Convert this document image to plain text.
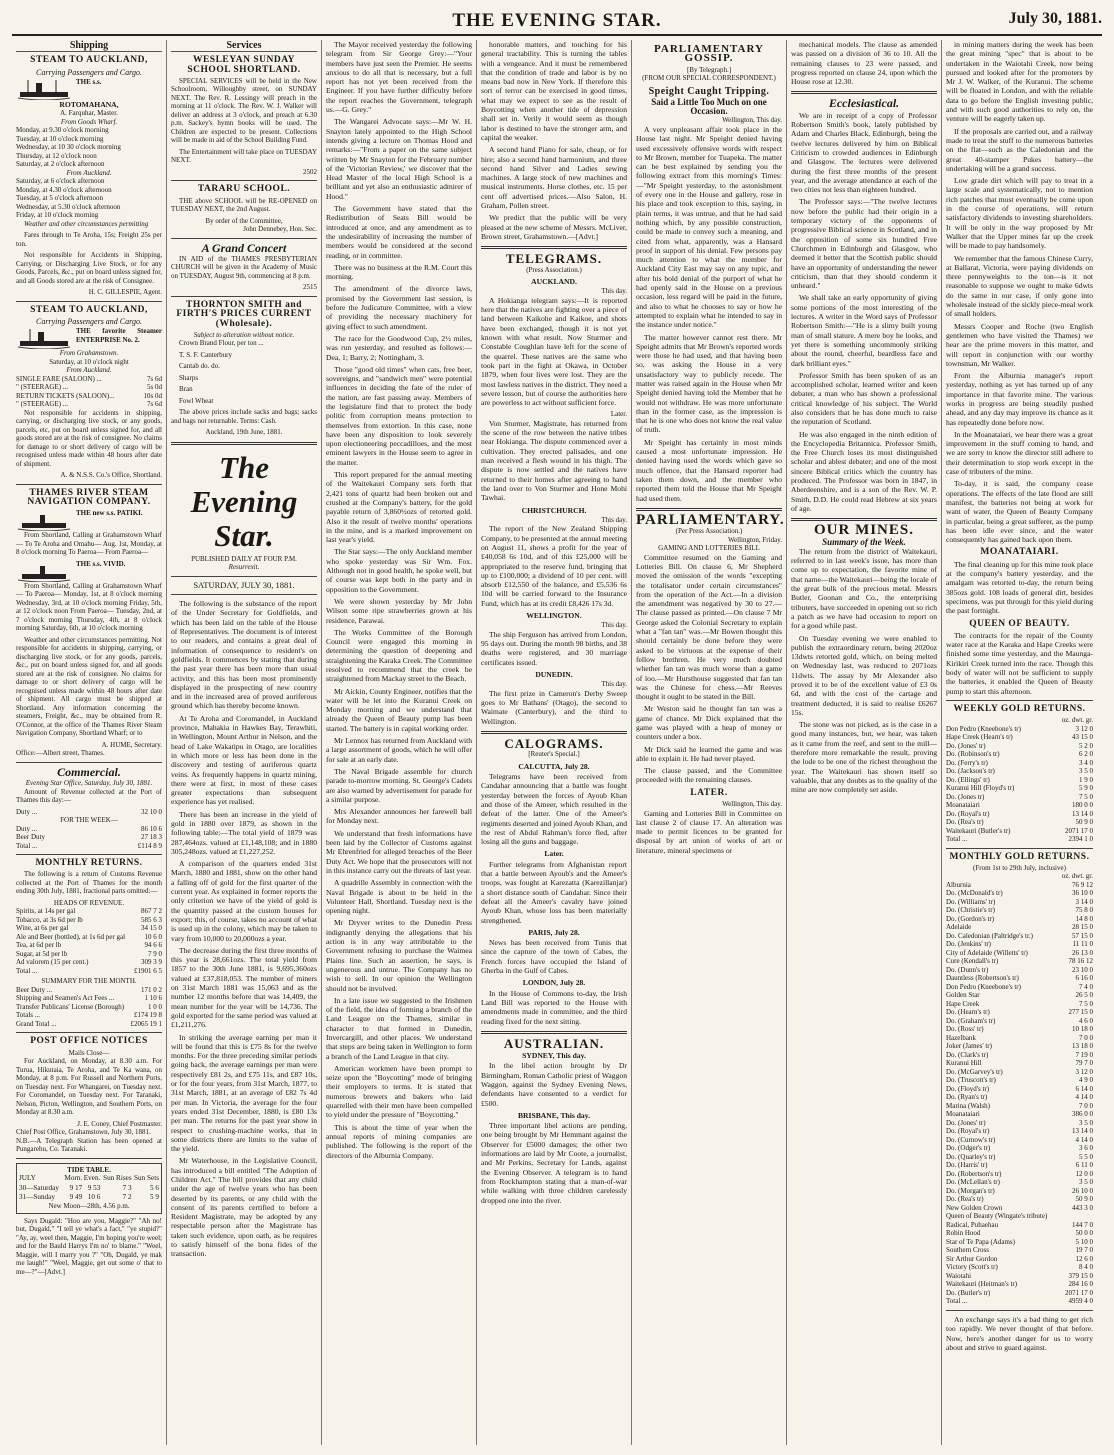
THE EVENING STAR.	July 30, 1881.
Shipping
STEAM TO AUCKLAND,
Carrying Passengers and Cargo.
THE s.s.
ROTOMAHANA,
A. Farquhar, Master.
From Goods Wharf.
Monday, at 9.30 o'clock morning
Tuesday, at 10 o'clock morning
Wednesday, at 10 30 o'clock morning
Thursday, at 12 o'clock noon
Saturday, at 2 o'clock afternoon
From Auckland.
Saturday, at 6 o'clock afternoon
Monday, at 4.30 o'clock afternoon
Tuesday, at 5 o'clock afternoon
Wednesday, at 5.30 o'clock afternoon
Friday, at 10 o'clock morning

Weather and other circumstances permitting

Fares through to Te Aroha, 15s; Freight 25s per ton.

Not responsible for Accidents in Shipping, Carrying, or Discharging Live Stock, or for any Goods, Parcels, &c., put on board unless signed for, and all Goods stored are at the risk of Consignee.

H. C. GILLESPIE, Agent.
STEAM TO AUCKLAND,
Carrying Passengers and Cargo.
THE favorite Steamer ENTERPRISE No. 2.
From Grahamstown.
Saturday, at 10 o'clock night
From Auckland.
SINGLE FARE (SALOON) ...	7s 6d
" (STEERAGE) ...	5s 0d
RETURN TICKETS (SALOON)...	10s 0d
" (STEERAGE) ...	7s 6d

Not responsible for accidents in shipping, carrying, or discharging live stock, or any goods, parcels, etc, put on board unless signed for, and all goods stored are at the risk of consignee. No claims for damage to or short delivery of cargo will be recognised unless made within 48 hours after date of shipment.

A. & N.S.S. Co.'s Office, Shortland.
THAMES RIVER STEAM NAVIGATION COMPANY.
THE new s.s. PATIKI.

From Shortland, Calling at Grahamstown Wharf— To Te Aroha and Omahu— Aug. 1st, Monday, at 8 o'clock morning To Paeroa— From Paeroa—

THE s.s. VIVID.

From Shortland, Calling at Grahamstown Wharf— To Paeroa— Monday, 1st, at 8 o'clock morning Wednesday, 3rd, at 10 o'clock morning Friday, 5th, at 12 o'clock noon From Paeroa— Tuesday, 2nd, at 7 o'clock morning Thursday, 4th, at 8 o'clock morning Saturday, 6th, at 10 o'clock morning

Weather and other circumstances permitting. Not responsible for accidents in shipping, carrying, or discharging live stock, or for any goods, parcels, &c., put on board unless signed for, and all goods stored are at the risk of consignee. No claims for damage to or short delivery of cargo will be recognised unless made within 48 hours after date of shipment. All cargo must be shipped at Shortland. Any information concerning the steamers, Freight, &c., may be obtained from R. O'Connor, at the office of the Thames River Steam Navigation Company, Shortland Wharf; or to

A. HUME, Secretary.
Office:—Albert street, Thames.
Commercial.
Evening Star Office, Saturday, July 30, 1881.

Amount of Revenue collected at the Port of Thames this day:—

Duty ...	32 10 0
FOR THE WEEK—
Duty ...	86 10 6
Beer Duty	27 18 3
Total ...	£114 8 9
MONTHLY RETURNS.

The following is a return of Customs Revenue collected at the Port of Thames for the month ending 30th July, 1881, fractional parts omitted:—

HEADS OF REVENUE.
Spirits, at 14s per gal	867 7 2
Tobacco, at 3s 6d per lb	585 6 3
Wine, at 6s per gal	34 15 0
Ale and Beer (bottled), at 1s 6d per gal	10 6 0
Tea, at 6d per lb	94 6 6
Sugar, at 5d per lb	7 9 0
Ad valorem (15 per cent.)	309 3 9
Total ...	£1901 6 5
SUMMARY FOR THE MONTH.
Beer Duty ...	171 0 2
Shipping and Seamen's Act Fees ...	1 10 6
Transfer Publicans' License (Borough)	1 0 0
Totals ...	£174 19 8
Grand Total ...	£2065 19 1
POST OFFICE NOTICES
Mails Close—

For Auckland, on Monday, at 8.30 a.m. For Turua, Hikutaia, Te Aroha, and Te Ka wana, on Monday, at 8 p.m. For Russell and Northern Ports, on Tuesday next. For Whangarei, on Tuesday next. For Coromandel, on Tuesday next. For Taranaki, Nelson, Picton, Wellington, and Southern Ports, on Monday at 8.30 a.m.

J. E. Coney, Chief Postmaster.
Chief Post Office, Grahamstown, July 30, 1881.
N.B.—A Telegraph Station has been opened at Pungarehu, Co. Taranaki.
TIDE TABLE.
JULY	Morn.	Even.	Sun Rises	Sun Sets
30—Saturday	9 17	9 53	7 3	5 6
31—Sunday	9 49	10 6	7 2	5 9
New Moon—28th, 4.56 p.m.

Says Dugald: "Hoo are you, Maggie?" "Ah no! but, Dugald," "I tell ye what's a fact," "ye stupid?" "Ay, ay, weel then, Maggie, I'm hoping you're weel; and for the Bauld Harrys I'm no' to blame." "Weel, Maggie, will I marry you ?" "Oh, Dugald, ye mak me laugh!" "Weel, Maggie, get out some o' that to me—?"—[Advt.]

Services
WESLEYAN SUNDAY SCHOOL SHORTLAND.

SPECIAL SERVICES will be held in the New Schoolroom, Willoughby street, on SUNDAY NEXT. The Rev. R. Lessingy will preach in the morning at 11 o'clock. The Rev. W. J. Walker will deliver an address at 3 o'clock, and preach at 6.30 p.m. Sackey's hymn books will be used. The Children are expected to be present. Collections will be made in aid of the School Building Fund.

The Entertainment will take place on TUESDAY NEXT.

2502
TARARU SCHOOL.

THE above SCHOOL will be RE-OPENED on TUESDAY NEXT, the 2nd August.

By order of the Committee,
John Dennebey, Hon. Sec.
A Grand Concert

IN AID of the THAMES PRESBYTERIAN CHURCH will be given in the Academy of Music on TUESDAY, August 9th, commencing at 8 p.m.

2515
THORNTON SMITH and FIRTH'S PRICES CURRENT (Wholesale).
Subject to alteration without notice.

Crown Brand Flour, per ton ...

T. S. F. Canterbury

Cantab do. do.

Sharps

Bran

Fowl Wheat

The above prices include sacks and bags; sacks and bags not returnable. Terms: Cash.

Auckland, 19th June, 1881.
The Evening Star.
PUBLISHED DAILY AT FOUR P.M.
Resurrexit.
SATURDAY, JULY 30, 1881.

The following is the substance of the report of the Under Secretary for Goldfields, and which has been laid on the table of the House of Representatives. The document is of interest to our readers, and contains a great deal of information of consequence to resident's on goldfields. It commences by stating that during the past year there has been more than usual activity, and this has been most prominently displayed in the prospecting of new country and in the increased area of proved auriferous ground which has thereby become known.

At Te Aroha and Coromandel, in Auckland province, Mahakia in Hawkes Bay, Terawhiti, in Wellington, Mount Arthur in Nelson, and the head of Lake Wakatipu in Otago, are localities in which more or less has been done in the discovery and testing of auriferous quartz veins. As frequently happens in quartz mining, there were at first, in most of these cases greater expectations than subsequent experience has yet realised.

There has been an increase in the yield of gold in 1880 over 1879, as shown in the following table:—The total yield of 1879 was 287,464ozs. valued at £1,148,108; and in 1880 305,248ozs. valued at £1,227,252.

A comparison of the quarters ended 31st March, 1880 and 1881, show on the other hand a falling off of gold for the first quarter of the current year. As explained in former reports the only criterion we have of the yield of gold is the quantity passed at the custom houses for export; this, of course, takes no account of what is used up in the colony, which may be taken to vary from 10,000 to 20,000ozs a year.

The decrease during the first three months of this year is 28,661ozs. The total yield from 1857 to the 30th June 1881, is 9,695,360ozs valued at £37,818,053. The number of miners on 31st March 1881 was 15,063 and as the number 12 months before that was 14,409, the mean number for the year will be 14,736. The gold exported for the same period was valued at £1,211,276.

In striking the average earning per man it will be found that this is £75 8s for the twelve months. For the three preceding similar periods going back, the average earnings per man were respectively £81 2s, and £75 11s, and £87 10s, or for the four years, from 31st March, 1877, to 31st March, 1881, at an average of £82 7s 4d per man. In Victoria, the average for the four years ended 31st December, 1880, is £80 13s per man. The returns for the past year show in respect to crushing-machine works, that in some districts there are limits to the value of the yield.

Mr Waterhouse, in the Legislative Council, has introduced a bill entitled "The Adoption of Children Act." The bill provides that any child under the age of twelve years who has been deserted by its parents, or any child with the consent of its parents certified to before a Resident Magistrate, may be adopted by any respectable person after the Magistrate has taken such evidence, upon oath, as he requires to satisfy himself of the bona fides of the transaction.

The Mayor received yesterday the following telegram from Sir George Grey:—"Your members have just seen the Premier. He seems anxious to do all that is necessary, but a full report has not yet been received from the Engineer. If you have further difficulty before the report reaches the Government, telegraph us.—G. Grey."

The Wangarei Advocate says:—Mr W. H. Snayton lately appointed to the High School intends giving a lecture on Thomas Hood and remarks:—"From a paper on the same subject written by Mr Snayton for the February number of the 'Victorian Review,' we discover that the Head Master of the local High School is a brilliant and yet also an enthusiastic admirer of Hood."

The Government have stated that the Redistribution of Seats Bill would be introduced at once, and any amendment as to the undesirability of increasing the number of members would be considered at the second reading, or in committee.

There was no business at the R.M. Court this morning.

The amendment of the divorce laws, promised by the Government last session, is before the Judicature Committee, with a view of providing the necessary machinery for giving effect to such amendment.

The race for the Goodwood Cup, 2½ miles, was run yesterday, and resulted as follows:—Dea, 1; Barry, 2; Nottingham, 3.

Those "good old times" when cats, free beer, sovereigns, and "sandwich men" were potential influences in deciding the fate of the ruler of the nation, are fast passing away. Members of the legislature find that to protect the body politic from corruption means protection to themselves from extortion. In this case, none have been any disposition to look severely upon electioneering peccadilloes, and the most eminent lawyers in the House seem to agree in the matter.

This report prepared for the annual meeting of the Waitekauri Company sets forth that 2,421 tons of quartz had been broken out and crushed at the Company's battery, for the gold payable return of 3,860½ozs of retorted gold. Also it the result of twelve months' operations in the mine, and is a marked improvement on last year's yield.

The Star says:—The only Auckland member who spoke yesterday was Sir Wm. Fox. Although not in good health, he spoke well, but of course was kept both in the party and in opposition to the Government.

We were shown yesterday by Mr John Wilson some ripe strawberries grown at his residence, Parawai.

The Works Committee of the Borough Council were engaged this morning in determining the question of deepening and straightening the Karaka Creek. The Committee resolved to recommend that the creek be straightened from Mackay street to the Beach.

Mr Aickin, County Engineer, notifies that the water will be let into the Kuranui Creek on Monday morning and we understand that already the Queen of Beauty pump has been started. The battery is in capital working order.

Mr Lennox has returned from Auckland with a large assortment of goods, which he will offer for sale at an early date.

The Naval Brigade assemble for church parade to-morrow morning. St. George's Cadets are also warned by advertisement for parade for a similar purpose.

Mrs Alexander announces her farewell ball for Monday next.

We understand that fresh informations have been laid by the Collector of Customs against Mr Ehrenfried for alleged breaches of the Beer Duty Act. We hope that the prosecutors will not in this instance carry out the threats of last year.

A quadrille Assembly in connection with the Naval Brigade is about to be held in the Volunteer Hall, Shortland. Tuesday next is the opening night.

Mr Dryver writes to the Dunedin Press indignantly denying the allegations that his action is in any way attributable to the Government refusing to purchase the Waimea Plains line. Such an assertion, he says, is ungenerous and untrue. The Company has no wish to sell. In our opinion the Wellington should not be involved.

In a late issue we suggested to the Irishmen of the field, the idea of forming a branch of the Land League on the Thames, similar in character to that formed in Dunedin, Invercargill, and other places. We understand that steps are being taken in Wellington to form a branch of the Land League in that city.

American workmen have been prompt to seize upon the "Boycotting" mode of bringing their employers to terms. It is stated that numerous brewers and bakers who laid quarrelled with their men have been compelled to yield under the pressure of "Boycotting."

This is about the time of year when the annual reports of mining companies are published. The following is the report of the directors of the Alburnia Company.

honorable matters, and touching for his general tractability. This is turning the tables with a vengeance. And it must be remembered that the condition of trade and labor is by no means bad now in New York. If therefore this sort of terror can be exercised in good times, what may we expect to see as the result of Boycotting when another tide of depression shall set in. Verily it would seem as though labor is destined to have the stronger arm, and capital the weaker.

A second hand Piano for sale, cheap, or for hire; also a second hand harmonium, and three second hand Silver and Ladies sewing machines. A large stock of new machines and musical instruments. Horse clothes, etc. 15 per cent off advertised prices.—Also Salon, H. Graham, Pollen street.

We predict that the public will be very pleased at the new scheme of Messrs. McLiver, Brown street, Grahamstown.—[Advt.]

TELEGRAMS.
(Press Association.)
AUCKLAND.
This day.

A Hokianga telegram says:—It is reported here that the natives are fighting over a piece of land between Kaikohe and Kaikoe, and shots have been exchanged, though it is not yet known with what result. Now Sturmer and Constable Coughlan have left for the scene of the quarrel. These natives are the same who took part in the fight at Okawa, in October 1879, when four lives were lost. They are the most lawless natives in the district. They need a severe lesson, but of course the authorities here are powerless to act without sufficient force.

Later.

Von Sturmer, Magistrate, has returned from the scene of the row between the native tribes near Hokianga. The dispute commenced over a cultivation. They erected palisades, and one man received a flesh wound in his thigh. The dispute is now settled and the natives have returned to their homes after agreeing to hand the land over to Von Sturmer and Hone Mohi Tawhai.

CHRISTCHURCH.
This day.

The report of the New Zealand Shipping Company, to be presented at the annual meeting on August 11, shows a profit for the year of £40,058 6s 10d, and of this £25,000 will be appropriated to the reserve fund, bringing that up to £100,000; a dividend of 10 per cent. will absorb £12,550 of the balance, and £5,536 6s 10d will be carried forward to the Insurance Fund, which has at its credit £8,426 17s 3d.

WELLINGTON.
This day.

The ship Ferguson has arrived from London, 95 days out. During the month 98 births, and 38 deaths were registered, and 30 marriage certificates issued.

DUNEDIN.
This day.

The first prize in Cameron's Derby Sweep goes to Mr Bathans' (Otago), the second to Waimate (Canterbury), and the third to Wellington.

CALOGRAMS.
[Reuter's Special.]
CALCUTTA, July 28.

Telegrams have been received from Candahar announcing that a battle was fought yesterday between the forces of Ayoub Khan and those of the Ameer, which resulted in the defeat of the latter. One of the Ameer's regiments deserted and joined Ayoub Khan, and the rest of Abdul Rahman's force fled, after losing all the guns and baggage.

Later.

Further telegrams from Afghanistan report that a battle between Ayoub's and the Ameer's troops, was fought at Karezatta (Karezillanjar) a short distance south of Candahar. Since their defeat all the Ameer's cavalry have joined Ayoub Khan, whose loss has been materially strengthened.

PARIS, July 28.

News has been received from Tunis that since the capture of the town of Cabes, the French forces have occupied the Island of Gherba in the Gulf of Cabes.

LONDON, July 28.

In the House of Commons to-day, the Irish Land Bill was reported to the House with amendments made in committee, and the third reading fixed for the next sitting.

AUSTRALIAN.
SYDNEY, This day.

In the libel action brought by Dr Birmingham, Roman Catholic priest of Waggon Waggon, against the Sydney Evening News, defendants have consented to a verdict for £500.

BRISBANE, This day.

Three important libel actions are pending, one being brought by Mr Hemmant against the Observer for £5000 damages; the other two informations are laid by Mr Coote, a journalist, and Mr Perkins, Secretary for Lands, against the Evening Observer. A telegram is to hand from Rockhampton stating that a man-of-war while walking with three children carelessly dropped one into the river.

PARLIAMENTARY GOSSIP.
[By Telegraph.]
(FROM OUR SPECIAL CORRESPONDENT.)
Speight Caught Tripping.
Said a Little Too Much on one Occasion.
Wellington, This day.

A very unpleasant affair took place in the House last night. Mr Speight denied having used excessively offensive words with respect to Mr Brown, member for Tuapeka. The matter can be best explained by sending you the following extract from this morning's Times:—"Mr Speight yesterday, to the astonishment of every one in the House and gallery, rose in his place and took exception to this, saying, in plain terms, it was untrue, and that he had said nothing which, by any possible construction, could be made to convey such a meaning, and cited from what, apparently, was a Hansard proof in support of his denial. Few persons pay much attention to what the member for Auckland City East may say on any topic, and after his bold denial of the purport of what he had openly said in the House on a previous occasion, less regard will be paid in the future, and also to what he chooses to say or how he attempted to explain what he intended to say in the instance under notice."

The matter however cannot rest there. Mr Speight admits that Mr Brown's reported words were those he had used, and that having been so, was asking the House in a very unsatisfactory way to publicly recede. The matter was raised again in the House when Mr Speight denied having told the Member that he would not withdraw. He was more unfortunate than in the former case, as the impression is that he is one who does not know the real value of truth.

Mr Speight has certainly in most minds caused a most unfortunate impression. He denied having used the words which gave so much offence, that the Hansard reporter had taken them down, and the member who reported them told the House that Mr Speight had used them.

PARLIAMENTARY.
(Per Press Association.)
Wellington, Friday.
GAMING AND LOTTERIES BILL

Committee resumed on the Gaming and Lotteries Bill. On clause 6, Mr Shepherd moved the omission of the words "excepting the totalisator under certain circumstances" from the operation of the Act.—In a division the amendment was negatived by 30 to 27.—The clause passed as printed.—On clause 7 Mr George asked the Colonial Secretary to explain what a "fan tan" was.—Mr Bowen thought this should certainly be done before they were asked to be virtuous at the expense of their fellow brethren. He very much doubted whether fan tan was much worse than a game of loo.—Mr Hursthouse suggested that fan tan was the Chinese for chess.—Mr Reeves thought it ought to be stated in the Bill.

Mr Weston said he thought fan tan was a game of chance. Mr Dick explained that the game was played with a heap of money or counters under a box.

Mr Dick said he learned the game and was able to explain it. He had never played.

The clause passed, and the Committee proceeded with the remaining clauses.

LATER.
Wellington, This day.

Gaming and Lotteries Bill in Committee on last clause 2 of clause 17. An alteration was made to permit licences to be granted for disposal by art union of works of art or literature, mineral specimens or

mechanical models. The clause as amended was passed on a division of 36 to 10. All the remaining clauses to 23 were passed, and progress reported on clause 24, upon which the House rose at 12.30.

Ecclesiastical.

We are in receipt of a copy of Professor Robertson Smith's book, lately published by Adam and Charles Black, Edinburgh, being the twelve lectures delivered by him on Biblical Criticism to crowded audiences in Edinburgh and Glasgow. The lectures were delivered during the first three months of the present year, and the average attendance at each of the two cities not less than eighteen hundred.

The Professor says:—"The twelve lectures now before the public had their origin in a temporary victory of the opponents of progressive Biblical science in Scotland, and in the opposition of some six hundred Free Churchmen in Edinburgh and Glasgow, who deemed it better that the Scottish public should have an opportunity of understanding the newer criticism, than that they should condemn it unheard."

We shall take an early opportunity of giving some portions of the most interesting of the lectures. A writer in the Word says of Professor Robertson Smith:—"He is a slimy built young man of small stature. A mere boy he looks, and yet there is something uncommonly striking about the round, cheerful, beardless face and dark brilliant eyes."

Professor Smith has been spoken of as an accomplished scholar, learned writer and keen debater, a man who has shown a professional critical knowledge of his subject. The World also considers that he has done much to raise the reputation of Scotland.

He was also engaged in the ninth edition of the Encyclopedia Britannica. Professor Smith, the Free Church loses its most distinguished scholar and ablest debater; and one of the most sincere Biblical critics which the country has produced. The Professor was born in 1847, in Aberdeenshire, and is a son of the Rev. W. P. Smith, D.D. He could read Hebrew at six years of age.

OUR MINES.
Summary of the Week.

The return from the district of Waitekauri, referred to in last week's issue, has more than come up to expectation, the favorite mine of that name—the Waitekauri—being the locale of the great bulk of the precious metal. Messrs Butler, Goonan and Co., the enterprising tributers, have succeeded in opening out so rich a patch as we have had occasion to report on for a good while past.

On Tuesday evening we were enabled to publish the extraordinary return, being 2020oz 13dwts retorted gold, which, on being melted on Wednesday last, was reduced to 2071ozs 11dwts. The assay by Mr Alexander also proved it to be of the excellent value of £3 0s 6d, and with the cost of the cartage and treatment deducted, it is said to realise £6267 15s.

The stone was not picked, as is the case in a good many instances, but, we hear, was taken as it came from the reef, and sent to the mill—therefore more remarkable the result, proving the lode to be one of the richest throughout the year. The Waitekauri has shown itself so valuable, that any doubts as to the quality of the mine are now completely set aside.

in mining matters during the week has been the great mining "spec" that is about to be undertaken in the Waiotahi Creek, now being pursued and looked after for the promoters by Mr J. W. Walker, of the Kuranui. The scheme will be floated in London, and with the reliable data to go before the English investing public, and with such good authorities to rely on, the venture will be eagerly taken up.

If the proposals are carried out, and a railway made to treat the stuff to the numerous batteries on the flat—such as the Caledonian and the great 40-stamper Pukes battery—the undertaking will be a grand success.

Low grade dirt which will pay to treat in a large scale and systematically, not to mention rich patches that must eventually be come upon in the course of operations, will return satisfactory dividends to investing shareholders. It will be only in the way proposed by Mr Walker that the Upper mines far up the creek will be made to pay handsomely.

We remember that the famous Chinese Curry, at Ballarat, Victoria, were paying dividends on three pennyweights to the ton—is it not reasonable to suppose we ought to make 6dwts do the same in our case, if only gone into wholesale instead of the sickly piece-meal work of small holders.

Messrs Cooper and Roche (two English gentlemen who have visited the Thames) we hear are the prime movers in this matter, and will report in conjunction with our worthy townsman, Mr Walker.

From the Alburnia manager's report yesterday, nothing as yet has turned up of any importance in that favorite mine. The various works in progress are being steadily pushed ahead, and any day may improve its chance as it has repeatedly done before now.

In the Moanataiari, we hear there was a great improvement in the stuff coming to hand, and we are sorry to know the director still adhere to their determination to stop work except in the case of tributers of the mine.

To-day, it is said, the company cease operations. The effects of the late flood are still manifest, the batteries not being at work for want of water, the Queen of Beauty Company in particular, being a great sufferer, as the pump has been idle ever since, and the water consequently has gained back upon them.

MOANATAIARI.

The final cleaning up for this mine took place at the company's battery yesterday, and the amalgam was retorted to-day, the return being 385ozs gold. 108 loads of general dirt, besides specimens, was put through for this yield during the past fortnight.

QUEEN OF BEAUTY.

The contracts for the repair of the County water race at the Karaka and Hape Creeks were finished some time yesterday, and the Maunga-Kirikiri Creek turned into the race. Though this body of water will not be sufficient to supply the batteries, it enabled the Queen of Beauty pump to start this afternoon.

WEEKLY GOLD RETURNS.
oz. dwt. gr.
Don Pedro (Kneebone's tr)	3 12 0
Hape Creek (Hearn's tr)	43 15 0
Do. (Jones' tr)	5 2 0
Do. (Robinson's tr)	6 2 0
Do. (Ferry's tr)	3 4 0
Do. (Jackson's tr)	3 5 0
Do. (Ellings' tr)	1 9 0
Kuranui Hill (Floyd's tr)	5 9 0
Do. (Jones tr)	7 5 0
Moanataiari	180 0 0
Do. (Royal's tr)	13 14 0
Do. (Rea's tr)	50 9 0
Waitekauri (Butler's tr)	2071 17 0
Total ...	2394 1 0
MONTHLY GOLD RETURNS.
(From 1st to 29th July, inclusive)
oz. dwt. gr.
Alburnia	76 9 12
Do. (McDonald's tr)	36 10 0
Do. (Williams' tr)	3 14 0
Do. (Christie's tr)	75 8 0
Do. (Gordon's tr)	14 8 0
Adelaide	28 15 0
Do. Caledonian (Paltridge's tr.)	57 15 0
Do. (Jenkins' tr)	11 11 0
City of Adelaide (Willetts' tr)	26 13 0
Cure (Kendall's tr)	78 16 12
Do. (Dunn's tr)	23 10 0
Dauntless (Robertson's tr)	6 16 0
Don Pedro (Kneebone's tr)	7 4 0
Golden Star	26 5 0
Hape Creek	7 5 0
Do. (Hearn's tr)	277 15 0
Do. (Graham's tr)	4 6 0
Do. (Ross' tr)	10 18 0
Hazelbank	7 0 0
Joker (James' tr)	13 18 0
Do. (Clark's tr)	7 19 0
Kuranui Hill	79 7 0
Do. (McGarvey's tr)	3 12 0
Do. (Truscott's tr)	4 9 0
Do. (Floyd's tr)	6 14 0
Do. (Ryan's tr)	4 14 0
Marina (Walsh)	7 0 0
Moanataiari	386 0 0
Do. (Jones' tr)	3 5 0
Do. (Royal's tr)	13 14 0
Do. (Curnow's tr)	4 14 0
Do. (Odger's tr)	3 6 0
Do. (Quarley's tr)	5 5 0
Do. (Harris' tr)	6 11 0
Do. (Robertson's tr)	12 0 0
Do. (McLellan's tr)	3 5 0
Do. (Morgan's tr)	26 10 0
Do. (Rea's tr)	50 9 0
New Golden Crown	443 3 0
Queen of Beauty (Wingate's tribute)
Radical, Puhaehau	144 7 0
Robin Hood	50 0 0
Star of Te Papa (Adams)	5 10 0
Southern Cross	19 7 0
Sir Arthur Gordon	12 6 0
Victory (Scott's tr)	8 4 0
Waiotahi	379 15 0
Waitekauri (Heitman's tr)	284 16 0
Do. (Butler's tr)	2071 17 0
Total ...	4959 4 0

An exchange says it's a bad thing to get rich too rapidly. We never thought of that before. Now, here's another danger for us to worry about and strive to guard against.
